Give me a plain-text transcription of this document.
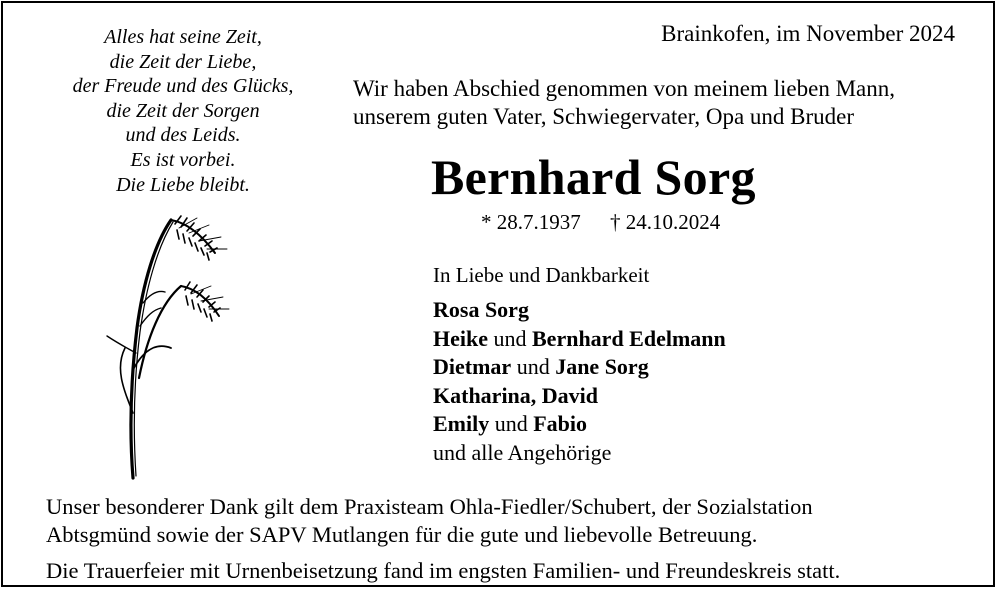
Alles hat seine Zeit,
die Zeit der Liebe,
der Freude und des Glücks,
die Zeit der Sorgen
und des Leids.
Es ist vorbei.
Die Liebe bleibt.
Brainkofen, im November 2024
Wir haben Abschied genommen von meinem lieben Mann,
unserem guten Vater, Schwiegervater, Opa und Bruder
Bernhard Sorg
* 28.7.1937 † 24.10.2024
In Liebe und Dankbarkeit
Rosa Sorg
Heike und Bernhard Edelmann
Dietmar und Jane Sorg
Katharina, David
Emily und Fabio
und alle Angehörige
Unser besonderer Dank gilt dem Praxisteam Ohla-Fiedler/Schubert, der Sozialstation
Abtsgmünd sowie der SAPV Mutlangen für die gute und liebevolle Betreuung.
Die Trauerfeier mit Urnenbeisetzung fand im engsten Familien- und Freundeskreis statt.
